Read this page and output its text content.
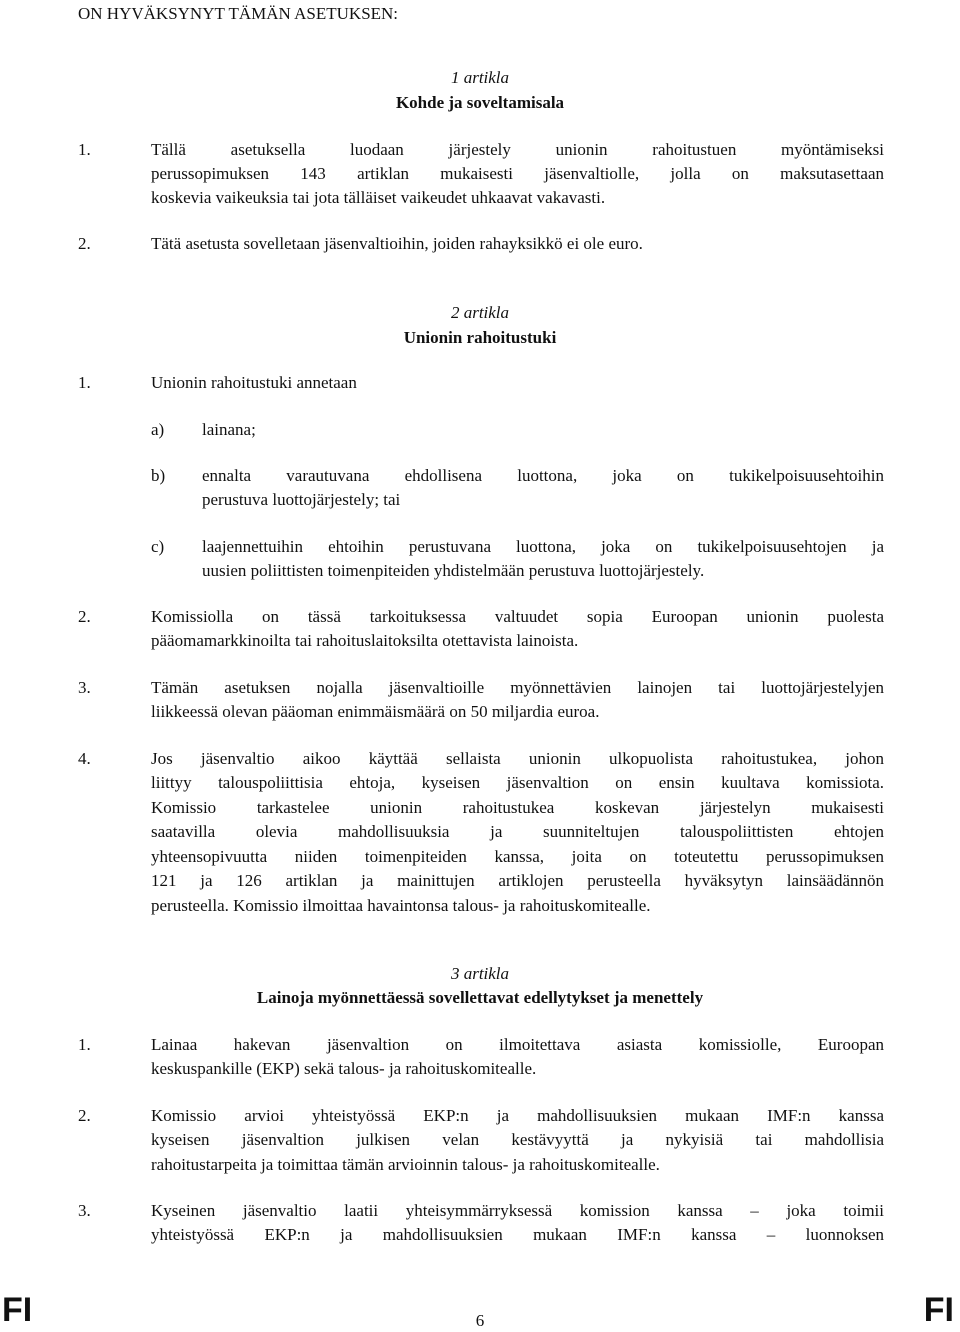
ON HYVÄKSYNYT TÄMÄN ASETUKSEN:
1 artikla
Kohde ja soveltamisala
1.	Tällä asetuksella luodaan järjestely unionin rahoitustuen myöntämiseksi
perussopimuksen 143 artiklan mukaisesti jäsenvaltiolle, jolla on maksutasettaan
koskevia vaikeuksia tai jota tälläiset vaikeudet uhkaavat vakavasti.
2.	Tätä asetusta sovelletaan jäsenvaltioihin, joiden rahayksikkö ei ole euro.
2 artikla
Unionin rahoitustuki
1.	Unionin rahoitustuki annetaan
a) lainana;
b) ennalta varautuvana ehdollisena luottona, joka on tukikelpoisuusehtoihin
perustuva luottojärjestely; tai
c) laajennettuihin ehtoihin perustuvana luottona, joka on tukikelpoisuusehtojen ja
uusien poliittisten toimenpiteiden yhdistelmään perustuva luottojärjestely.
2.	Komissiolla on tässä tarkoituksessa valtuudet sopia Euroopan unionin puolesta
pääomamarkkinoilta tai rahoituslaitoksilta otettavista lainoista.
3.	Tämän asetuksen nojalla jäsenvaltioille myönnettävien lainojen tai luottojärjestelyjen
liikkeessä olevan pääoman enimmäismäärä on 50 miljardia euroa.
4.	Jos jäsenvaltio aikoo käyttää sellaista unionin ulkopuolista rahoitustukea, johon
liittyy talouspoliittisia ehtoja, kyseisen jäsenvaltion on ensin kuultava komissiota.
Komissio tarkastelee unionin rahoitustukea koskevan järjestelyn mukaisesti
saatavilla olevia mahdollisuuksia ja suunniteltujen talouspoliittisten ehtojen
yhteensopivuutta niiden toimenpiteiden kanssa, joita on toteutettu perussopimuksen
121 ja 126 artiklan ja mainittujen artiklojen perusteella hyväksytyn lainsäädännön
perusteella. Komissio ilmoittaa havaintonsa talous- ja rahoituskomitealle.
3 artikla
Lainoja myönnettäessä sovellettavat edellytykset ja menettely
1.	Lainaa hakevan jäsenvaltion on ilmoitettava asiasta komissiolle, Euroopan
keskuspankille (EKP) sekä talous- ja rahoituskomitealle.
2.	Komissio arvioi yhteistyössä EKP:n ja mahdollisuuksien mukaan IMF:n kanssa
kyseisen jäsenvaltion julkisen velan kestävyyttä ja nykyisiä tai mahdollisia
rahoitustarpeita ja toimittaa tämän arvioinnin talous- ja rahoituskomitealle.
3.	Kyseinen jäsenvaltio laatii yhteisymmärryksessä komission kanssa – joka toimii
yhteistyössä EKP:n ja mahdollisuuksien mukaan IMF:n kanssa – luonnoksen
FI	6	FI
